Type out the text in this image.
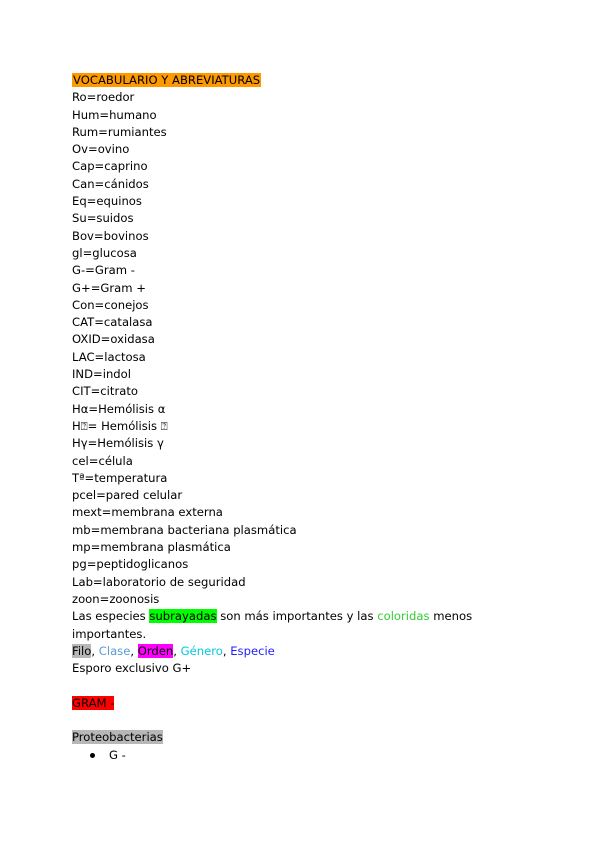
VOCABULARIO Y ABREVIATURAS
Ro=roedor
Hum=humano
Rum=rumiantes
Ov=ovino
Cap=caprino
Can=cánidos
Eq=equinos
Su=suidos
Bov=bovinos
gl=glucosa
G-=Gram -
G+=Gram +
Con=conejos
CAT=catalasa
OXID=oxidasa
LAC=lactosa
IND=indol
CIT=citrato
Hα=Hemólisis α
H⍰= Hemólisis ⍰
Hγ=Hemólisis γ
cel=célula
Tª=temperatura
pcel=pared celular
mext=membrana externa
mb=membrana bacteriana plasmática
mp=membrana plasmática
pg=peptidoglicanos
Lab=laboratorio de seguridad
zoon=zoonosis
Las especies subrayadas son más importantes y las coloridas menos importantes.
Filo, Clase, Orden, Género, Especie
Esporo exclusivo G+
GRAM -
Proteobacterias
G -
